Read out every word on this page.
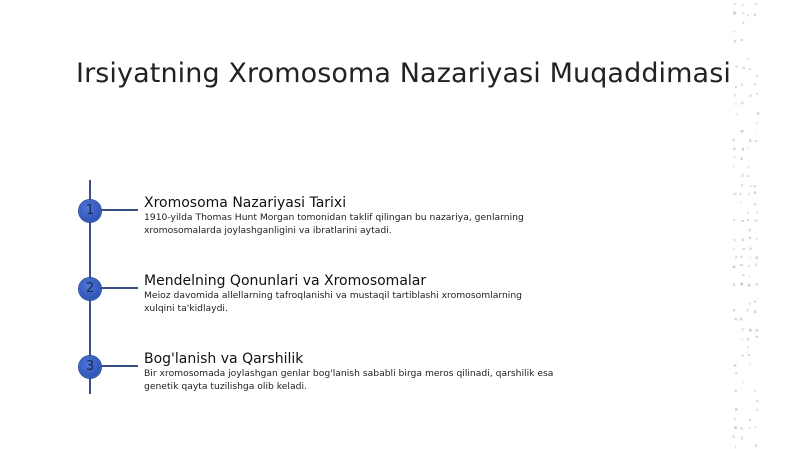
Irsiyatning Xromosoma Nazariyasi Muqaddimasi
1	Xromosoma Nazariyasi Tarixi
1910-yilda Thomas Hunt Morgan tomonidan taklif qilingan bu nazariya, genlarning xromosomalarda joylashganligini va ibratlarini aytadi.
2	Mendelning Qonunlari va Xromosomalar
Meioz davomida allellarning tafroqlanishi va mustaqil tartiblashi xromosomlarning xulqini ta'kidlaydi.
3	Bog'lanish va Qarshilik
Bir xromosomada joylashgan genlar bog'lanish sababli birga meros qilinadi, qarshilik esa genetik qayta tuzilishga olib keladi.
